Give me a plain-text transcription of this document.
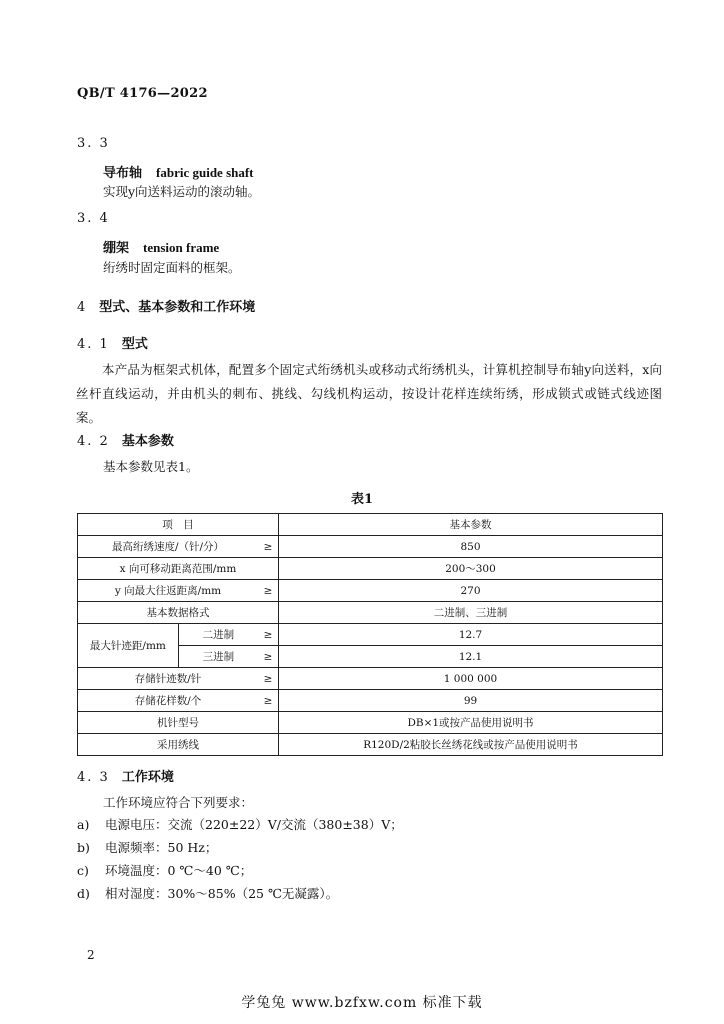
QB/T 4176—2022
3. 3
导布轴 fabric guide shaft
实现y向送料运动的滚动轴。
3. 4
绷架 tension frame
绗绣时固定面料的框架。
4 型式、基本参数和工作环境
4. 1 型式
本产品为框架式机体，配置多个固定式绗绣机头或移动式绗绣机头，计算机控制导布轴y向送料，x向丝杆直线运动，并由机头的刺布、挑线、勾线机构运动，按设计花样连续绗绣，形成锁式或链式线迹图案。
4. 2 基本参数
基本参数见表1。
表1
项　目			基本参数
最高绗绣速度/（针/分）		≥	850
x 向可移动距离范围/mm			200～300
y 向最大往返距离/mm		≥	270
基本数据格式			二进制、三进制
最大针迹距/mm	二进制	≥	12.7
	三进制	≥	12.1
存储针迹数/针		≥	1 000 000
存储花样数/个		≥	99
机针型号			DB×1或按产品使用说明书
采用绣线			R120D/2粘胶长丝绣花线或按产品使用说明书
4. 3 工作环境
工作环境应符合下列要求：
a) 电源电压：交流（220±22）V/交流（380±38）V；
b) 电源频率：50 Hz；
c) 环境温度：0 ℃～40 ℃；
d) 相对湿度：30%～85%（25 ℃无凝露）。
2
学兔兔 www.bzfxw.com 标准下载
